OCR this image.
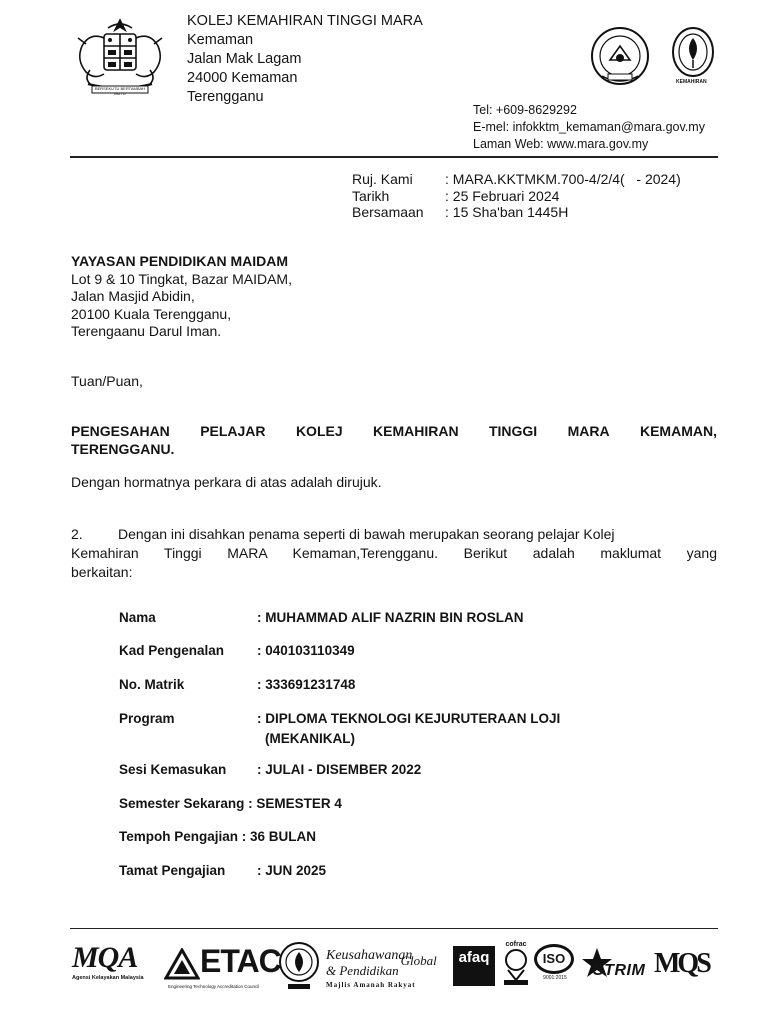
BERSEKUTU BERTAMBAH MUTU
KOLEJ KEMAHIRAN TINGGI MARA
Kemaman
Jalan Mak Lagam
24000 Kemaman
Terengganu
KEMAHIRAN
Tel: +609-8629292
E-mel: infokktm_kemaman@mara.gov.my
Laman Web: www.mara.gov.my
Ruj. Kami	: MARA.KKTMKM.700-4/2/4(   - 2024)
Tarikh	: 25 Februari 2024
Bersamaan	: 15 Sha'ban 1445H
YAYASAN PENDIDIKAN MAIDAM
Lot 9 & 10 Tingkat, Bazar MAIDAM,
Jalan Masjid Abidin,
20100 Kuala Terengganu,
Terengaanu Darul Iman.
Tuan/Puan,
PENGESAHAN PELAJAR KOLEJ KEMAHIRAN TINGGI MARA KEMAMAN,
TERENGGANU.
Dengan hormatnya perkara di atas adalah dirujuk.
2.	Dengan ini disahkan penama seperti di bawah merupakan seorang pelajar Kolej
Kemahiran Tinggi MARA Kemaman,Terengganu. Berikut adalah maklumat yang
berkaitan:
Nama	: MUHAMMAD ALIF NAZRIN BIN ROSLAN
Kad Pengenalan : 040103110349
No. Matrik	: 333691231748
Program	: DIPLOMA TEKNOLOGI KEJURUTERAAN LOJI
(MEKANIKAL)
Sesi Kemasukan : JULAI - DISEMBER 2022
Semester Sekarang : SEMESTER 4
Tempoh Pengajian : 36 BULAN
Tamat Pengajian : JUN 2025
MQA
Agensi Kelayakan Malaysia	ETAC
Engineering Technology Accreditation Council
Keusahawanan
& Pendidikan
Global
Majlis Amanah Rakyat
afaq
cofrac
ISO
9001:2015	STRIM MQS
